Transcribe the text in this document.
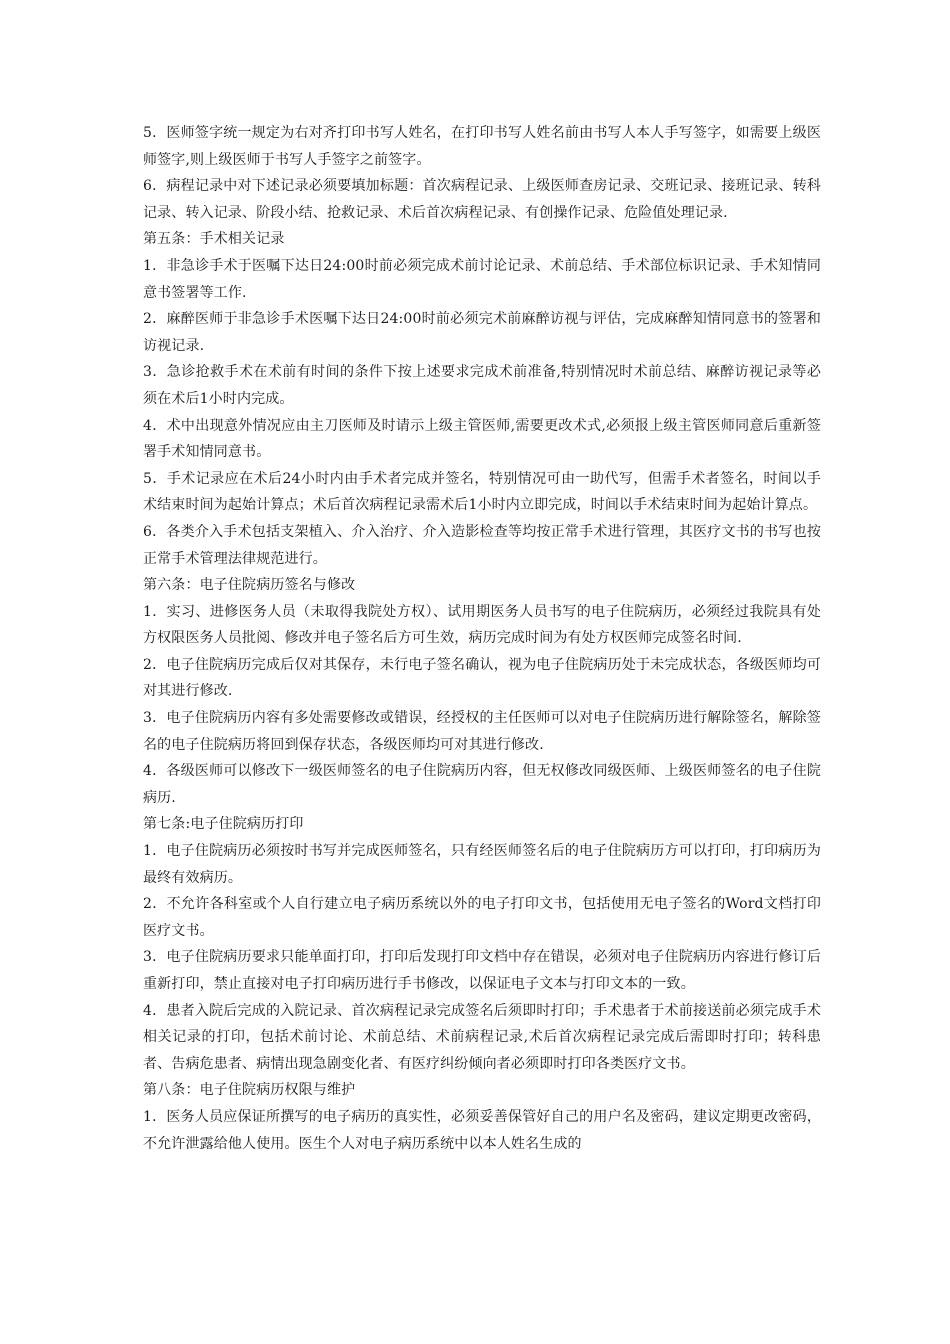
5．医师签字统一规定为右对齐打印书写人姓名，在打印书写人姓名前由书写人本人手写签字，如需要上级医师签字,则上级医师于书写人手签字之前签字。

6．病程记录中对下述记录必须要填加标题：首次病程记录、上级医师查房记录、交班记录、接班记录、转科记录、转入记录、阶段小结、抢救记录、术后首次病程记录、有创操作记录、危险值处理记录.

第五条：手术相关记录

1．非急诊手术于医嘱下达日24:00时前必须完成术前讨论记录、术前总结、手术部位标识记录、手术知情同意书签署等工作.

2．麻醉医师于非急诊手术医嘱下达日24:00时前必须完术前麻醉访视与评估，完成麻醉知情同意书的签署和访视记录.

3．急诊抢救手术在术前有时间的条件下按上述要求完成术前准备,特别情况时术前总结、麻醉访视记录等必须在术后1小时内完成。

4．术中出现意外情况应由主刀医师及时请示上级主管医师,需要更改术式,必须报上级主管医师同意后重新签署手术知情同意书。

5．手术记录应在术后24小时内由手术者完成并签名，特别情况可由一助代写，但需手术者签名，时间以手术结束时间为起始计算点；术后首次病程记录需术后1小时内立即完成，时间以手术结束时间为起始计算点。

6．各类介入手术包括支架植入、介入治疗、介入造影检查等均按正常手术进行管理，其医疗文书的书写也按正常手术管理法律规范进行。

第六条：电子住院病历签名与修改

1．实习、进修医务人员（未取得我院处方权）、试用期医务人员书写的电子住院病历，必须经过我院具有处方权限医务人员批阅、修改并电子签名后方可生效，病历完成时间为有处方权医师完成签名时间.

2．电子住院病历完成后仅对其保存，未行电子签名确认，视为电子住院病历处于未完成状态，各级医师均可对其进行修改.

3．电子住院病历内容有多处需要修改或错误，经授权的主任医师可以对电子住院病历进行解除签名，解除签名的电子住院病历将回到保存状态，各级医师均可对其进行修改.

4．各级医师可以修改下一级医师签名的电子住院病历内容，但无权修改同级医师、上级医师签名的电子住院病历.

第七条:电子住院病历打印

1．电子住院病历必须按时书写并完成医师签名，只有经医师签名后的电子住院病历方可以打印，打印病历为最终有效病历。

2．不允许各科室或个人自行建立电子病历系统以外的电子打印文书，包括使用无电子签名的Word文档打印医疗文书。

3．电子住院病历要求只能单面打印，打印后发现打印文档中存在错误，必须对电子住院病历内容进行修订后重新打印，禁止直接对电子打印病历进行手书修改，以保证电子文本与打印文本的一致。

4．患者入院后完成的入院记录、首次病程记录完成签名后须即时打印；手术患者于术前接送前必须完成手术相关记录的打印，包括术前讨论、术前总结、术前病程记录,术后首次病程记录完成后需即时打印；转科患者、告病危患者、病情出现急剧变化者、有医疗纠纷倾向者必须即时打印各类医疗文书。

第八条：电子住院病历权限与维护

1．医务人员应保证所撰写的电子病历的真实性，必须妥善保管好自己的用户名及密码，建议定期更改密码，不允许泄露给他人使用。医生个人对电子病历系统中以本人姓名生成的
